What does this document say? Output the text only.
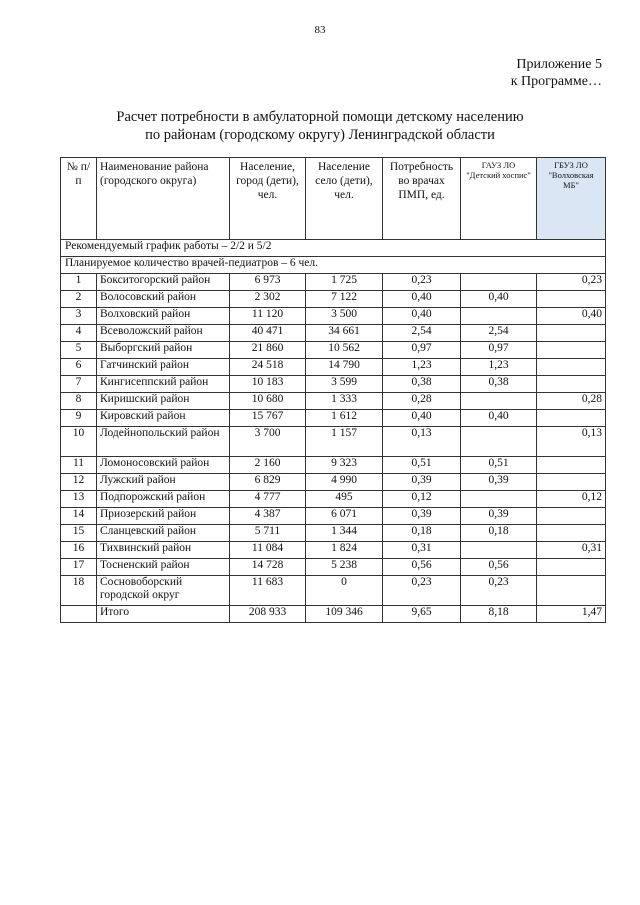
83
Приложение 5
к Программе…
Расчет потребности в амбулаторной помощи детскому населению
по районам (городскому округу) Ленинградской области
№ п/п	Наименование района (городского округа)	Население, город (дети), чел.	Население село (дети), чел.	Потребность во врачах ПМП, ед.	ГАУЗ ЛО "Детский хоспис"	ГБУЗ ЛО "Волховская МБ"
Рекомендуемый график работы – 2/2 и 5/2						
Планируемое количество врачей-педиатров – 6 чел.						
1	Бокситогорский район	6 973	1 725	0,23		0,23
2	Волосовский район	2 302	7 122	0,40	0,40	
3	Волховский район	11 120	3 500	0,40		0,40
4	Всеволожский район	40 471	34 661	2,54	2,54	
5	Выборгский район	21 860	10 562	0,97	0,97	
6	Гатчинский район	24 518	14 790	1,23	1,23	
7	Кингисеппский район	10 183	3 599	0,38	0,38	
8	Киришский район	10 680	1 333	0,28		0,28
9	Кировский район	15 767	1 612	0,40	0,40	
10	Лодейнопольский район	3 700	1 157	0,13		0,13
11	Ломоносовский район	2 160	9 323	0,51	0,51	
12	Лужский район	6 829	4 990	0,39	0,39	
13	Подпорожский район	4 777	495	0,12		0,12
14	Приозерский район	4 387	6 071	0,39	0,39	
15	Сланцевский район	5 711	1 344	0,18	0,18	
16	Тихвинский район	11 084	1 824	0,31		0,31
17	Тосненский район	14 728	5 238	0,56	0,56	
18	Сосновоборский городской округ	11 683	0	0,23	0,23	
	Итого	208 933	109 346	9,65	8,18	1,47
